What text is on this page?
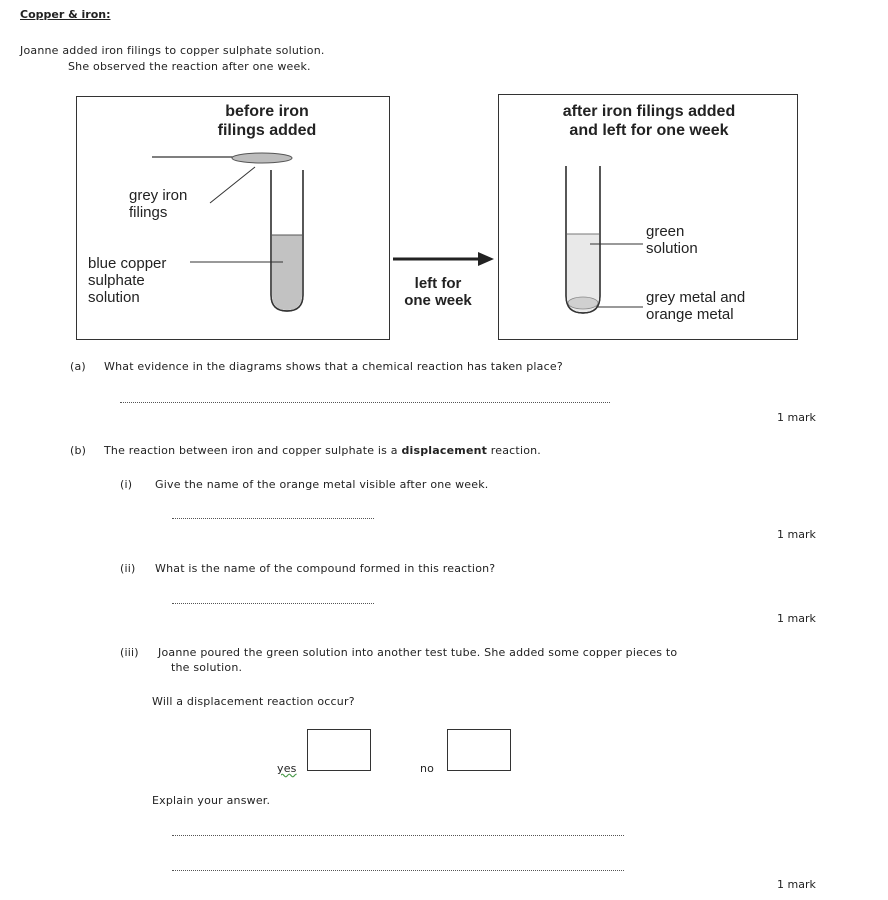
Copper & iron:
Joanne added iron filings to copper sulphate solution.
She observed the reaction after one week.
before iron
filings added
grey iron
filings
blue copper
sulphate
solution
left for
one week
after iron filings added
and left for one week
green
solution
grey metal and
orange metal
(a) What evidence in the diagrams shows that a chemical reaction has taken place?
1 mark
(b) The reaction between iron and copper sulphate is a displacement reaction.
(i) Give the name of the orange metal visible after one week.
1 mark
(ii) What is the name of the compound formed in this reaction?
1 mark
(iii) Joanne poured the green solution into another test tube. She added some copper pieces to
the solution.
Will a displacement reaction occur?
yes	no
Explain your answer.
1 mark
